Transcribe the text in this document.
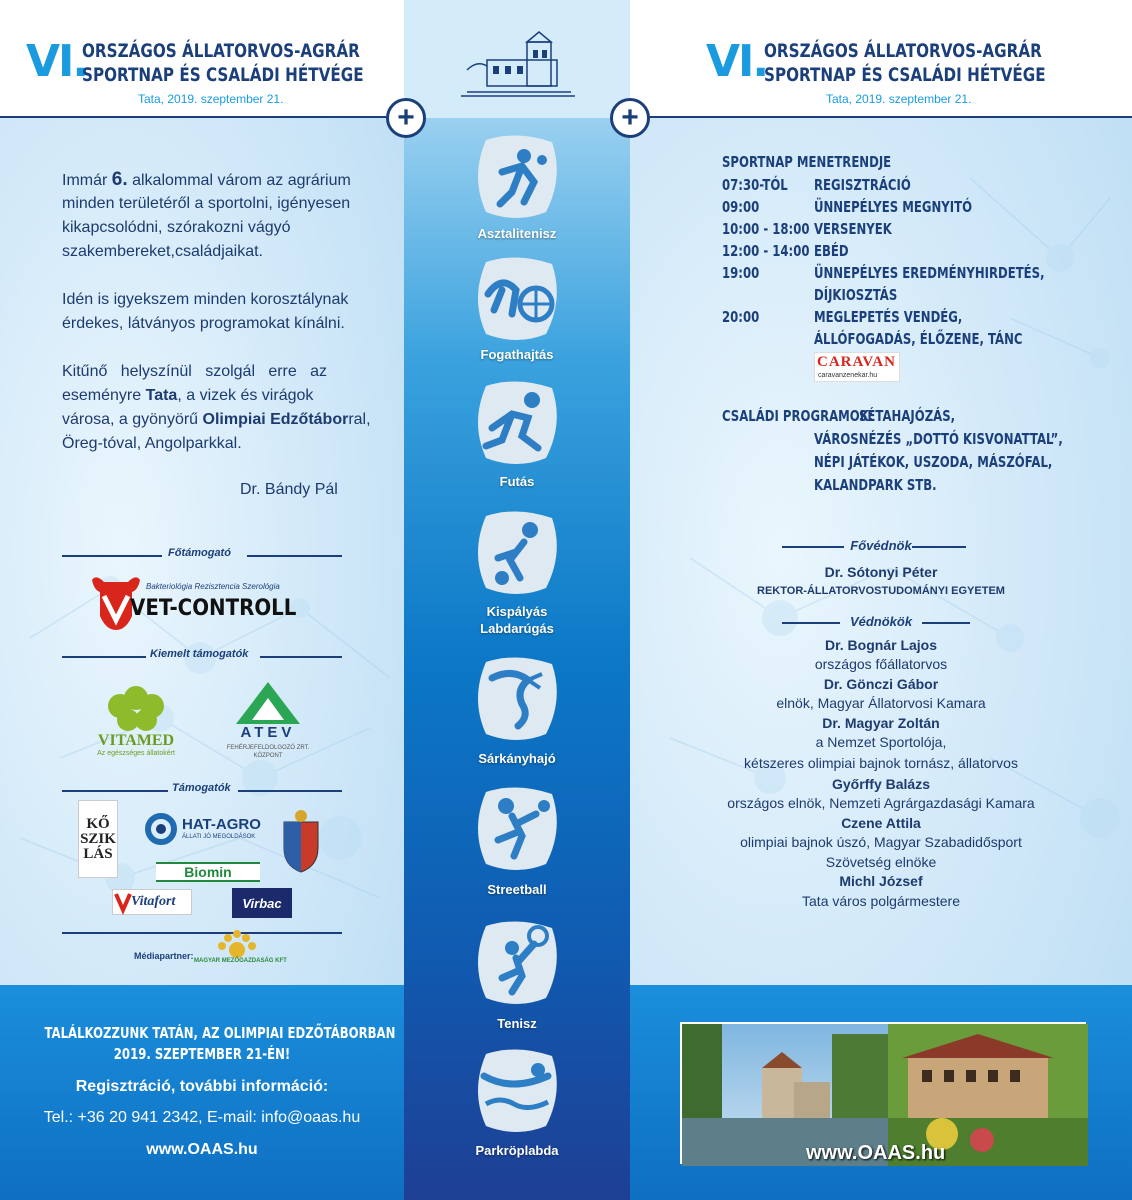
VI.
ORSZÁGOS ÁLLATORVOS-AGRÁR
SPORTNAP ÉS CSALÁDI HÉTVÉGE
Tata, 2019. szeptember 21.
+
Immár 6. alkalommal várom az agrárium
minden területéről a sportolni, igényesen
kikapcsolódni, szórakozni vágyó
szakembereket,családjaikat.
Idén is igyekszem minden korosztálynak
érdekes, látványos programokat kínálni.
Kitűnő   helyszínül   szolgál   erre   az
eseményre Tata, a vizek és virágok
városa, a gyönyörű Olimpiai Edzőtáborral,
Öreg-tóval, Angolparkkal.
Dr. Bándy Pál
Főtámogató
Bakteriológia Rezisztencia Szerológia
VET-CONTROLL
Kiemelt támogatók
VITAMED
Az egészséges állatokért
ATEV
FEHÉRJEFELDOLGOZÓ ZRT. KÖZPONT
Támogatók
KŐ SZIK LÁS
HAT-AGRO
ÁLLATI JÓ MEGOLDÁSOK
Biomin
Vitafort	Virbac
Médiapartner: MAGYAR MEZŐGAZDASÁG KFT
TALÁLKOZZUNK TATÁN, AZ OLIMPIAI EDZŐTÁBORBAN
2019. SZEPTEMBER 21-ÉN!
Regisztráció, további információ:
Tel.: +36 20 941 2342, E-mail: info@oaas.hu
www.OAAS.hu
Asztalitenisz
Fogathajtás
Futás
Kispályás
Labdarúgás
Sárkányhajó
Streetball
Tenisz
Parkröplabda
VI.
ORSZÁGOS ÁLLATORVOS-AGRÁR
SPORTNAP ÉS CSALÁDI HÉTVÉGE
Tata, 2019. szeptember 21.
+
SPORTNAP MENETRENDJE
07:30-TÓL REGISZTRÁCIÓ
09:00	ÜNNEPÉLYES MEGNYITÓ
10:00 - 18:00 VERSENYEK
12:00 - 14:00 EBÉD
19:00	ÜNNEPÉLYES EREDMÉNYHIRDETÉS,
DÍJKIOSZTÁS
20:00	MEGLEPETÉS VENDÉG,
ÁLLÓFOGADÁS, ÉLŐZENE, TÁNC
CARAVAN
caravanzenekar.hu
CSALÁDI PROGRAMOK:
SÉTAHAJÓZÁS,
VÁROSNÉZÉS „DOTTÓ KISVONATTAL”,
NÉPI JÁTÉKOK, USZODA, MÁSZÓFAL,
KALANDPARK STB.
Fővédnök
Dr. Sótonyi Péter
REKTOR-ÁLLATORVOSTUDOMÁNYI EGYETEM
Védnökök
Dr. Bognár Lajos
országos főállatorvos
Dr. Gönczi Gábor
elnök, Magyar Állatorvosi Kamara
Dr. Magyar Zoltán
a Nemzet Sportolója,
kétszeres olimpiai bajnok tornász, állatorvos
Győrffy Balázs
országos elnök, Nemzeti Agrárgazdasági Kamara
Czene Attila
olimpiai bajnok úszó, Magyar Szabadidősport
Szövetség elnöke
Michl József
Tata város polgármestere
www.OAAS.hu
